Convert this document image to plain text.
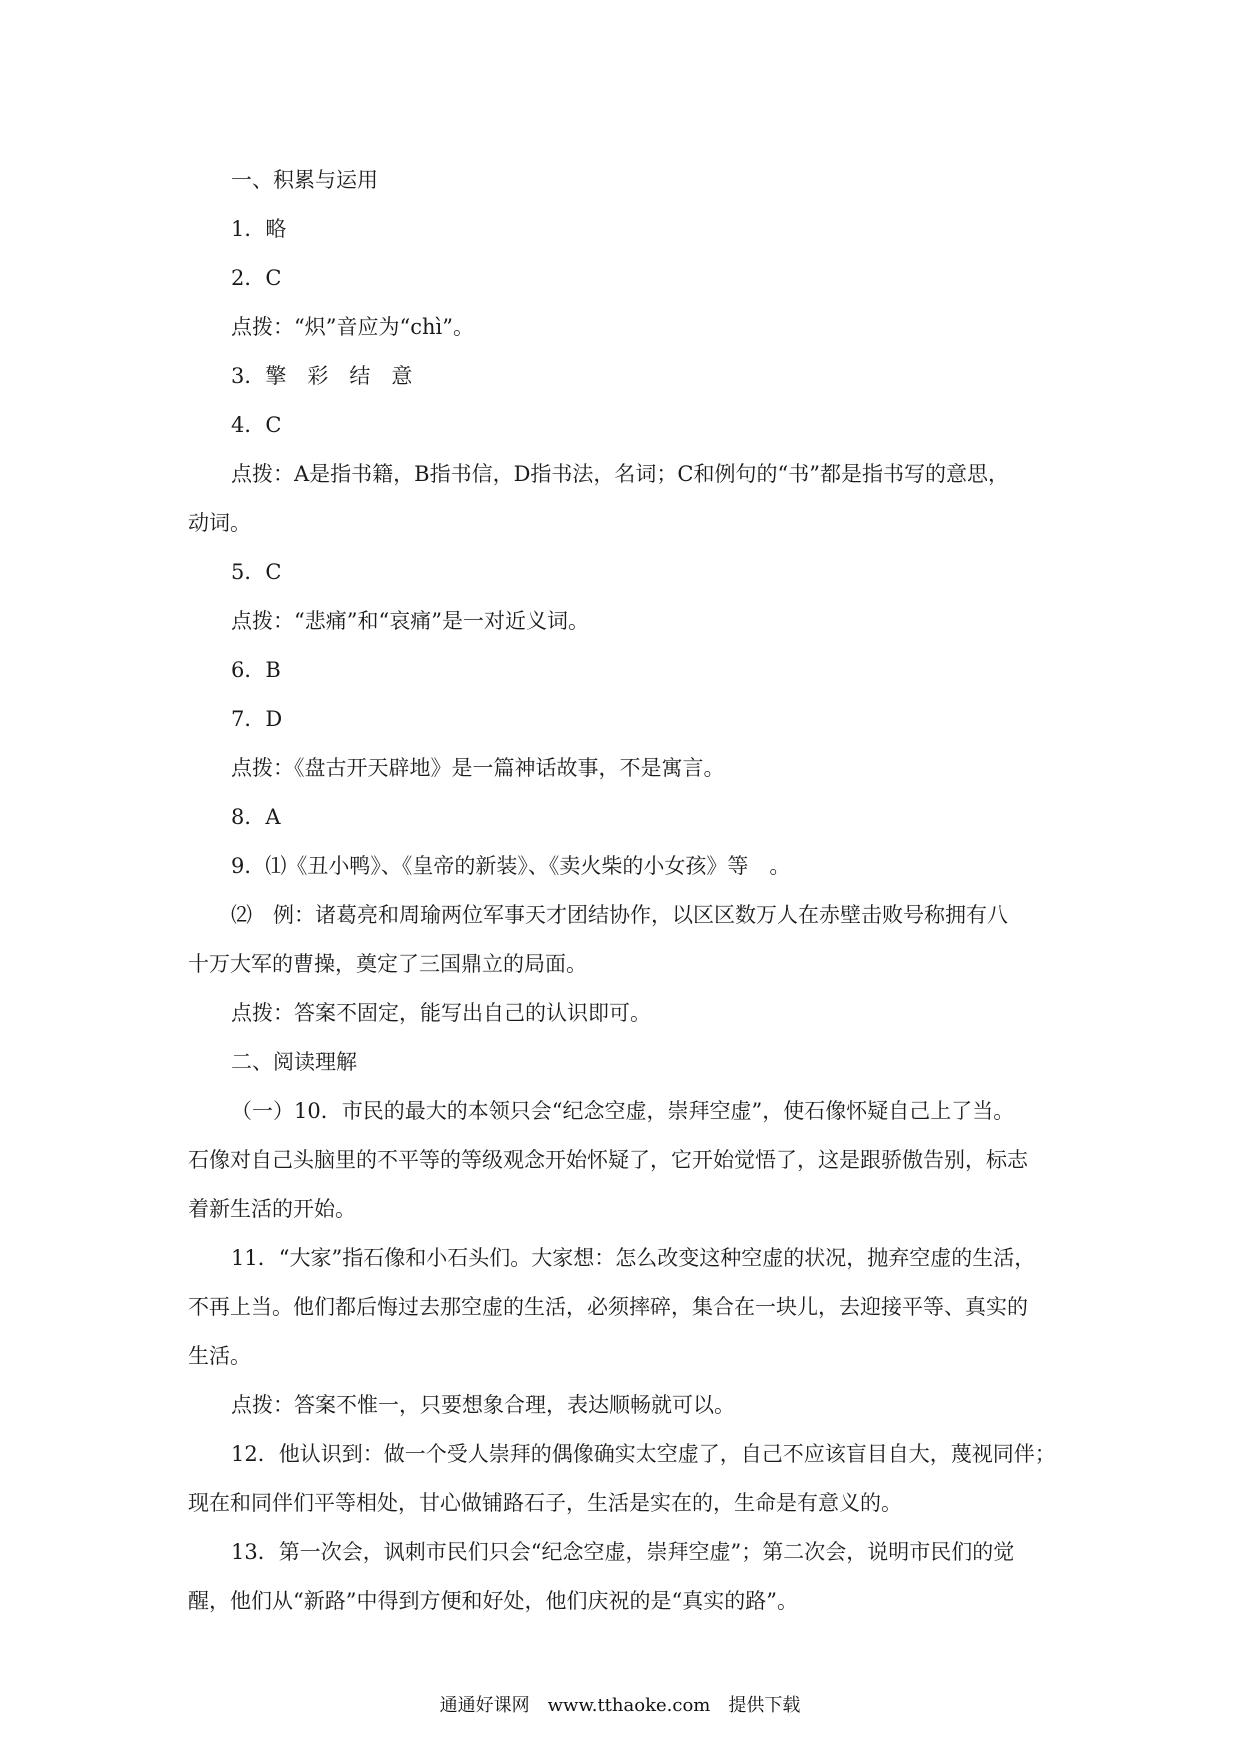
一、积累与运用

1．略

2．C

点拨：“炽”音应为“chì”。

3．擎　彩　结　意

4．C

点拨：A是指书籍，B指书信，D指书法，名词；C和例句的“书”都是指书写的意思，

动词。

5．C

点拨：“悲痛”和“哀痛”是一对近义词。

6．B

7．D

点拨：《盘古开天辟地》是一篇神话故事，不是寓言。

8．A

9．⑴《丑小鸭》、《皇帝的新装》、《卖火柴的小女孩》等　。

⑵　例：诸葛亮和周瑜两位军事天才团结协作，以区区数万人在赤壁击败号称拥有八

十万大军的曹操，奠定了三国鼎立的局面。

点拨：答案不固定，能写出自己的认识即可。

二、阅读理解

（一）10．市民的最大的本领只会“纪念空虚，崇拜空虚”，使石像怀疑自己上了当。

石像对自己头脑里的不平等的等级观念开始怀疑了，它开始觉悟了，这是跟骄傲告别，标志

着新生活的开始。

11．“大家”指石像和小石头们。大家想：怎么改变这种空虚的状况，抛弃空虚的生活，

不再上当。他们都后悔过去那空虚的生活，必须摔碎，集合在一块儿，去迎接平等、真实的

生活。

点拨：答案不惟一，只要想象合理，表达顺畅就可以。

12．他认识到：做一个受人崇拜的偶像确实太空虚了，自己不应该盲目自大，蔑视同伴；

现在和同伴们平等相处，甘心做铺路石子，生活是实在的，生命是有意义的。

13．第一次会，讽刺市民们只会“纪念空虚，崇拜空虚”；第二次会，说明市民们的觉

醒，他们从“新路”中得到方便和好处，他们庆祝的是“真实的路”。

通通好课网　www.tthaoke.com　提供下载
